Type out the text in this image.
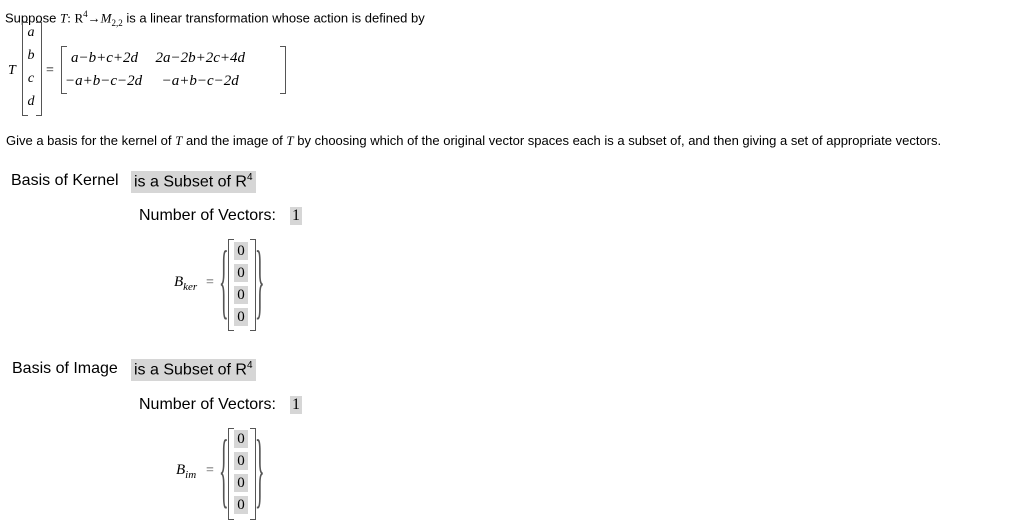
Suppose T: $R^4\to M_{2,2}$ is a linear transformation whose action is defined by
T
a
b
c
d
=
a−b+c+2d 2a−2b+2c+4d
−a+b−c−2d −a+b−c−2d
Give a basis for the kernel of T and the image of T by choosing which of the original vector spaces each is a subset of, and then giving a set of appropriate vectors.
Basis of Kernel is a Subset of $R^4$
Number of Vectors: 1
$B_{ker}$ = { 0
0
0
0 }
Basis of Image is a Subset of $R^4$
Number of Vectors: 1
$B_{im}$ = { 0
0
0
0 }
